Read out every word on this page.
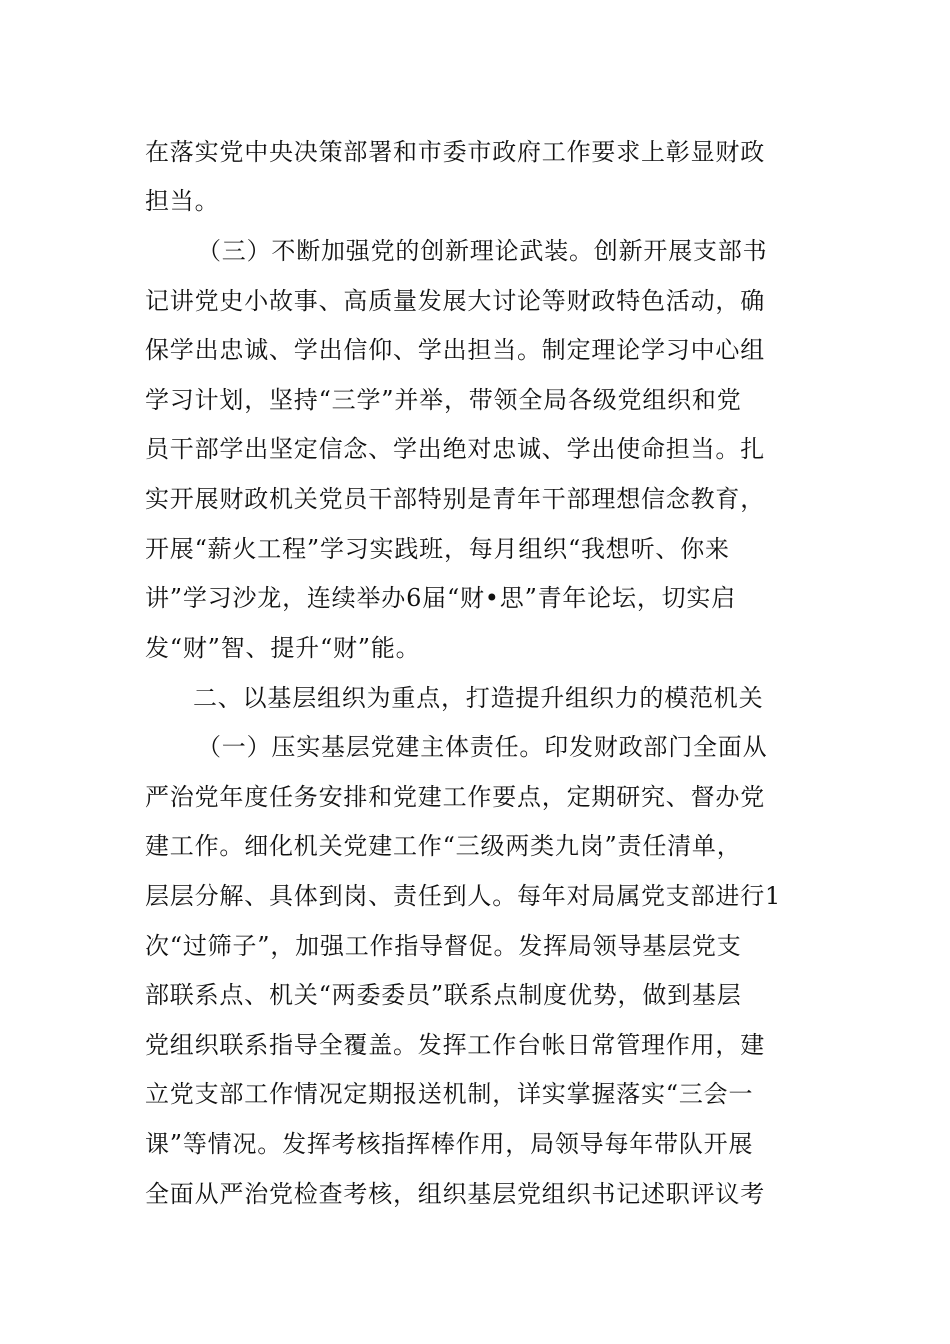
在落实党中央决策部署和市委市政府工作要求上彰显财政
担当。
（三）不断加强党的创新理论武装。创新开展支部书
记讲党史小故事、高质量发展大讨论等财政特色活动，确
保学出忠诚、学出信仰、学出担当。制定理论学习中心组
学习计划，坚持“三学”并举，带领全局各级党组织和党
员干部学出坚定信念、学出绝对忠诚、学出使命担当。扎
实开展财政机关党员干部特别是青年干部理想信念教育，
开展“薪火工程”学习实践班，每月组织“我想听、你来
讲”学习沙龙，连续举办6届“财•思”青年论坛，切实启
发“财”智、提升“财”能。
二、以基层组织为重点，打造提升组织力的模范机关
（一）压实基层党建主体责任。印发财政部门全面从
严治党年度任务安排和党建工作要点，定期研究、督办党
建工作。细化机关党建工作“三级两类九岗”责任清单，
层层分解、具体到岗、责任到人。每年对局属党支部进行1
次“过筛子”，加强工作指导督促。发挥局领导基层党支
部联系点、机关“两委委员”联系点制度优势，做到基层
党组织联系指导全覆盖。发挥工作台帐日常管理作用，建
立党支部工作情况定期报送机制，详实掌握落实“三会一
课”等情况。发挥考核指挥棒作用，局领导每年带队开展
全面从严治党检查考核，组织基层党组织书记述职评议考
